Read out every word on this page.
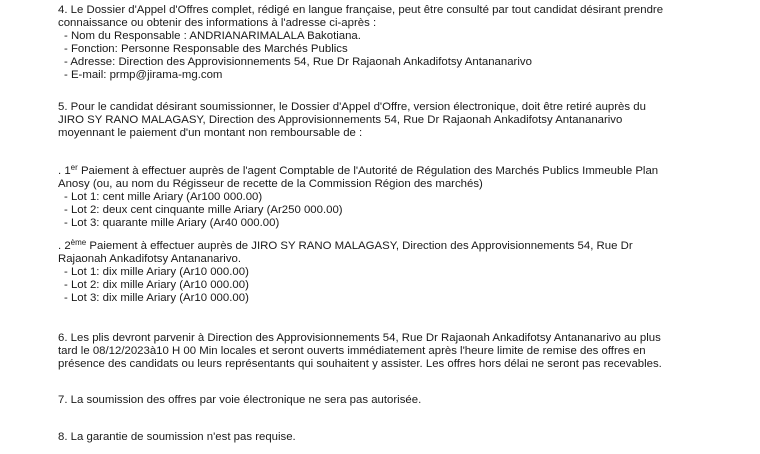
4. Le Dossier d'Appel d'Offres complet, rédigé en langue française, peut être consulté par tout candidat désirant prendre
connaissance ou obtenir des informations à l'adresse ci-après :
- Nom du Responsable : ANDRIANARIMALALA Bakotiana.
- Fonction: Personne Responsable des Marchés Publics
- Adresse: Direction des Approvisionnements 54, Rue Dr Rajaonah Ankadifotsy Antananarivo
- E-mail: prmp@jirama-mg.com
5. Pour le candidat désirant soumissionner, le Dossier d'Appel d'Offre, version électronique, doit être retiré auprès du
JIRO SY RANO MALAGASY, Direction des Approvisionnements 54, Rue Dr Rajaonah Ankadifotsy Antananarivo
moyennant le paiement d'un montant non remboursable de :
. 1er Paiement à effectuer auprès de l'agent Comptable de l'Autorité de Régulation des Marchés Publics Immeuble Plan
Anosy (ou, au nom du Régisseur de recette de la Commission Région des marchés)
- Lot 1: cent mille Ariary (Ar100 000.00)
- Lot 2: deux cent cinquante mille Ariary (Ar250 000.00)
- Lot 3: quarante mille Ariary (Ar40 000.00)
. 2ème Paiement à effectuer auprès de JIRO SY RANO MALAGASY, Direction des Approvisionnements 54, Rue Dr
Rajaonah Ankadifotsy Antananarivo.
- Lot 1: dix mille Ariary (Ar10 000.00)
- Lot 2: dix mille Ariary (Ar10 000.00)
- Lot 3: dix mille Ariary (Ar10 000.00)
6. Les plis devront parvenir à Direction des Approvisionnements 54, Rue Dr Rajaonah Ankadifotsy Antananarivo au plus
tard le 08/12/2023à10 H 00 Min locales et seront ouverts immédiatement après l'heure limite de remise des offres en
présence des candidats ou leurs représentants qui souhaitent y assister. Les offres hors délai ne seront pas recevables.
7. La soumission des offres par voie électronique ne sera pas autorisée.
8. La garantie de soumission n'est pas requise.
